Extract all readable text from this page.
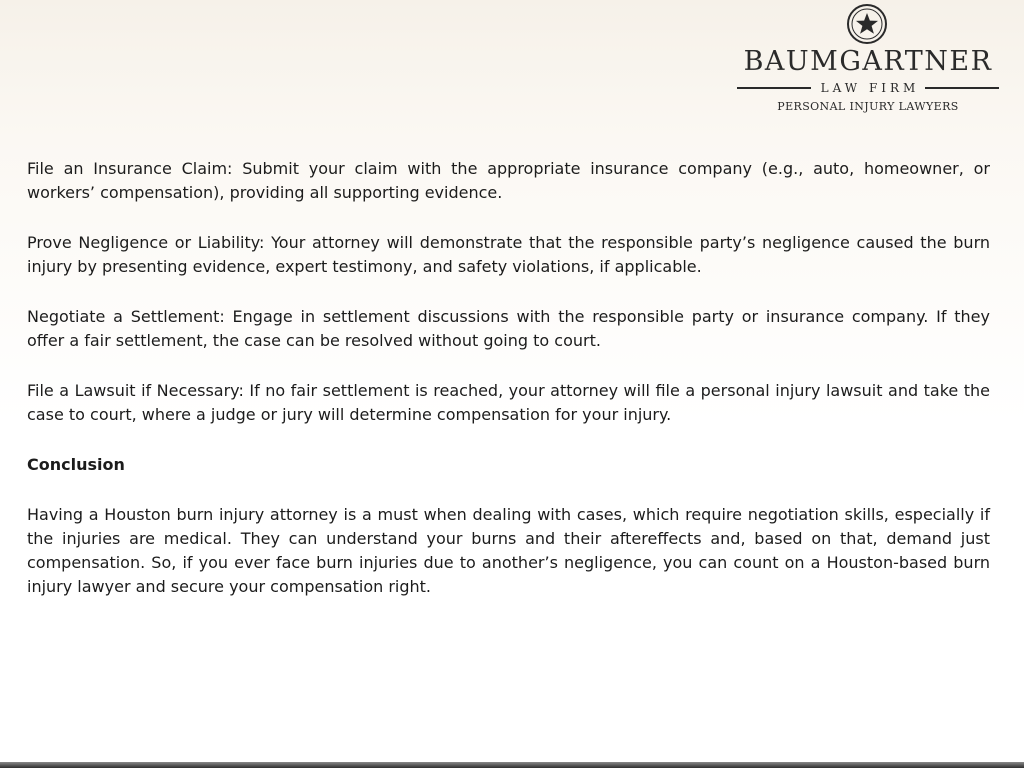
BAUMGARTNER
LAW FIRM
PERSONAL INJURY LAWYERS

File an Insurance Claim: Submit your claim with the appropriate insurance company (e.g., auto, homeowner, or workers’ compensation), providing all supporting evidence.

Prove Negligence or Liability: Your attorney will demonstrate that the responsible party’s negligence caused the burn injury by presenting evidence, expert testimony, and safety violations, if applicable.

Negotiate a Settlement: Engage in settlement discussions with the responsible party or insurance company. If they offer a fair settlement, the case can be resolved without going to court.

File a Lawsuit if Necessary: If no fair settlement is reached, your attorney will file a personal injury lawsuit and take the case to court, where a judge or jury will determine compensation for your injury.

Conclusion

Having a Houston burn injury attorney is a must when dealing with cases, which require negotiation skills, especially if the injuries are medical. They can understand your burns and their aftereffects and, based on that, demand just compensation. So, if you ever face burn injuries due to another’s negligence, you can count on a Houston-based burn injury lawyer and secure your compensation right.
